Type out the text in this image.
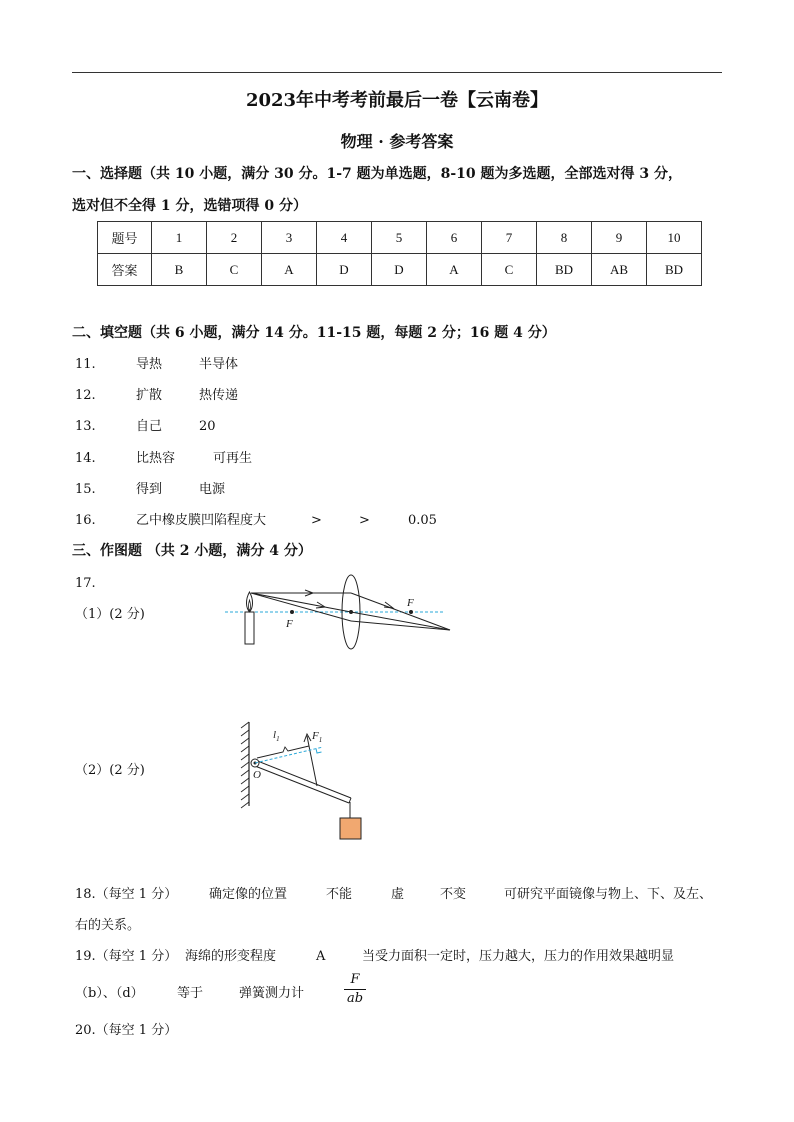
2023年中考考前最后一卷【云南卷】
物理 · 参考答案
一、选择题（共 10 小题，满分 30 分。1-7 题为单选题，8-10 题为多选题，全部选对得 3 分，
选对但不全得 1 分，选错项得 0 分）
题号	1	2	3	4	5	6	7	8	9	10
答案	B	C	A	D	D	A	C	BD	AB	BD
二、填空题（共 6 小题，满分 14 分。11-15 题，每题 2 分；16 题 4 分）
11.	导热	半导体
12.	扩散	热传递
13.	自己	20
14.	比热容	可再生
15.	得到	电源
16.	乙中橡皮膜凹陷程度大	>	>	0.05
三、作图题 （共 2 小题，满分 4 分）
17.
（1）(2 分)
F
F
O
$l_1$	$F_1$
（2）(2 分)
18.（每空 1 分） 确定像的位置	不能	虚	不变	可研究平面镜像与物上、下、及左、
右的关系。
19.（每空 1 分） 海绵的形变程度	A	当受力面积一定时，压力越大，压力的作用效果越明显
（b）、（d）	等于	弹簧测力计
F
ab
20.（每空 1 分）
